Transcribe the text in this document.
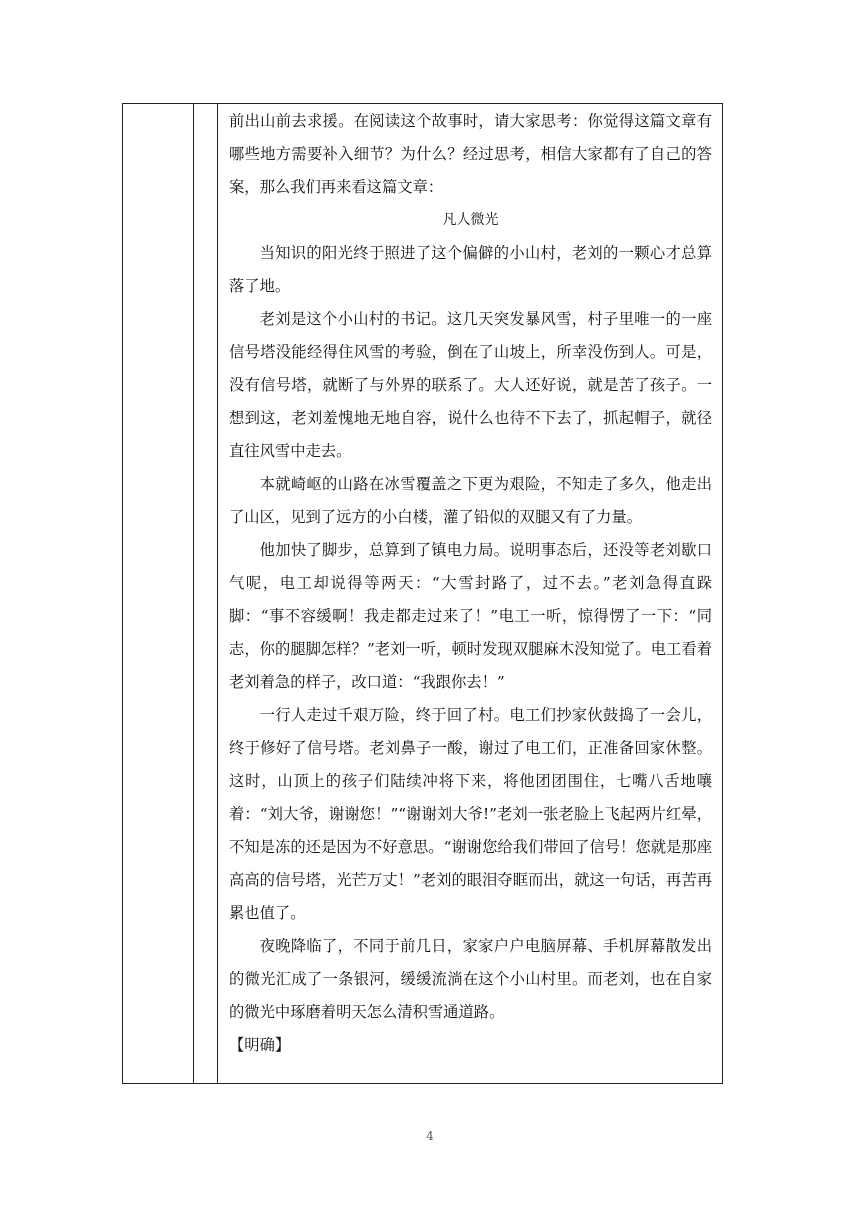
前出山前去求援。在阅读这个故事时，请大家思考：你觉得这篇文章有哪些地方需要补入细节？为什么？经过思考，相信大家都有了自己的答案，那么我们再来看这篇文章：

凡人微光

当知识的阳光终于照进了这个偏僻的小山村，老刘的一颗心才总算落了地。

老刘是这个小山村的书记。这几天突发暴风雪，村子里唯一的一座信号塔没能经得住风雪的考验，倒在了山坡上，所幸没伤到人。可是，没有信号塔，就断了与外界的联系了。大人还好说，就是苦了孩子。一想到这，老刘羞愧地无地自容，说什么也待不下去了，抓起帽子，就径直往风雪中走去。

本就崎岖的山路在冰雪覆盖之下更为艰险，不知走了多久，他走出了山区，见到了远方的小白楼，灌了铅似的双腿又有了力量。

他加快了脚步，总算到了镇电力局。说明事态后，还没等老刘歇口气呢，电工却说得等两天：“大雪封路了，过不去。”老刘急得直跺脚：“事不容缓啊！我走都走过来了！”电工一听，惊得愣了一下：“同志，你的腿脚怎样？”老刘一听，顿时发现双腿麻木没知觉了。电工看着老刘着急的样子，改口道：“我跟你去！”

一行人走过千艰万险，终于回了村。电工们抄家伙鼓捣了一会儿，终于修好了信号塔。老刘鼻子一酸，谢过了电工们，正准备回家休整。这时，山顶上的孩子们陆续冲将下来，将他团团围住，七嘴八舌地嚷着：“刘大爷，谢谢您！”“谢谢刘大爷!”老刘一张老脸上飞起两片红晕，不知是冻的还是因为不好意思。“谢谢您给我们带回了信号！您就是那座高高的信号塔，光芒万丈！”老刘的眼泪夺眶而出，就这一句话，再苦再累也值了。

夜晚降临了，不同于前几日，家家户户电脑屏幕、手机屏幕散发出的微光汇成了一条银河，缓缓流淌在这个小山村里。而老刘，也在自家的微光中琢磨着明天怎么清积雪通道路。

【明确】

4
